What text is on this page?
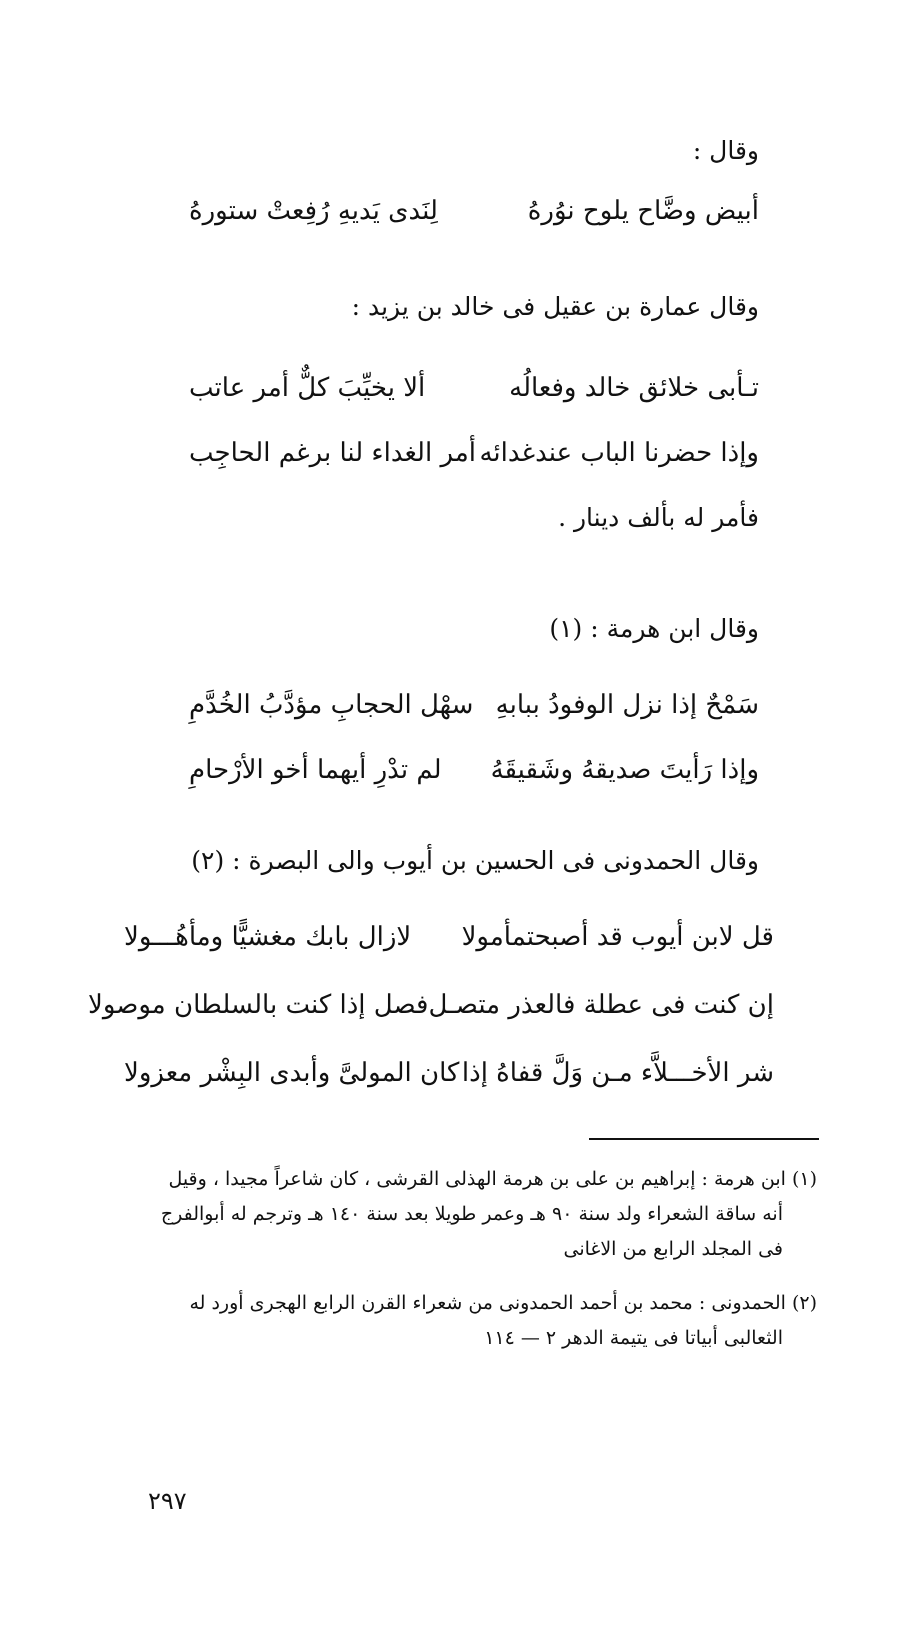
وقال :
أبيض وضَّاح يلوح نوُرهُ
لِنَدى يَديهِ رُفِعتْ ستورهُ
وقال عمارة بن عقيل فى خالد بن يزيد :
تـأبى خلائق خالد وفعالُه
ألا يخيِّبَ كلٌّ أمر عاتب
وإذا حضرنا الباب عندغدائه
أمر الغداء لنا برغم الحاجِب
فأمر له بألف دينار .
وقال ابن هرمة : (١)
سَمْحٌ إذا نزل الوفودُ ببابهِ
سهْل الحجابِ مؤدَّبُ الخُدَّمِ
وإذا رَأيتَ صديقهُ وشَقيقَهُ
لم تدْرِ أيهما أخو الأرْحامِ
وقال الحمدونى فى الحسين بن أيوب والى البصرة : (٢)
قل لابن أيوب قد أصبحتمأمولا
لازال بابك مغشيًّا ومأهُـــولا
إن كنت فى عطلة فالعذر متصـل
فصل إذا كنت بالسلطان موصولا
شر الأخـــلاَّء مـن وَلَّ قفاهُ إذا
كان المولىَّ وأبدى البِشْر معزولا
(١) ابن هرمة : إبراهيم بن على بن هرمة الهذلى القرشى ، كان شاعراً مجيدا ، وقيل
أنه ساقة الشعراء ولد سنة ٩٠ هـ وعمر طويلا بعد سنة ١٤٠ هـ وترجم له أبوالفرج
فى المجلد الرابع من الاغانى
(٢) الحمدونى : محمد بن أحمد الحمدونى من شعراء القرن الرابع الهجرى أورد له
الثعالبى أبياتا فى يتيمة الدهر ٢ — ١١٤
٢٩٧
